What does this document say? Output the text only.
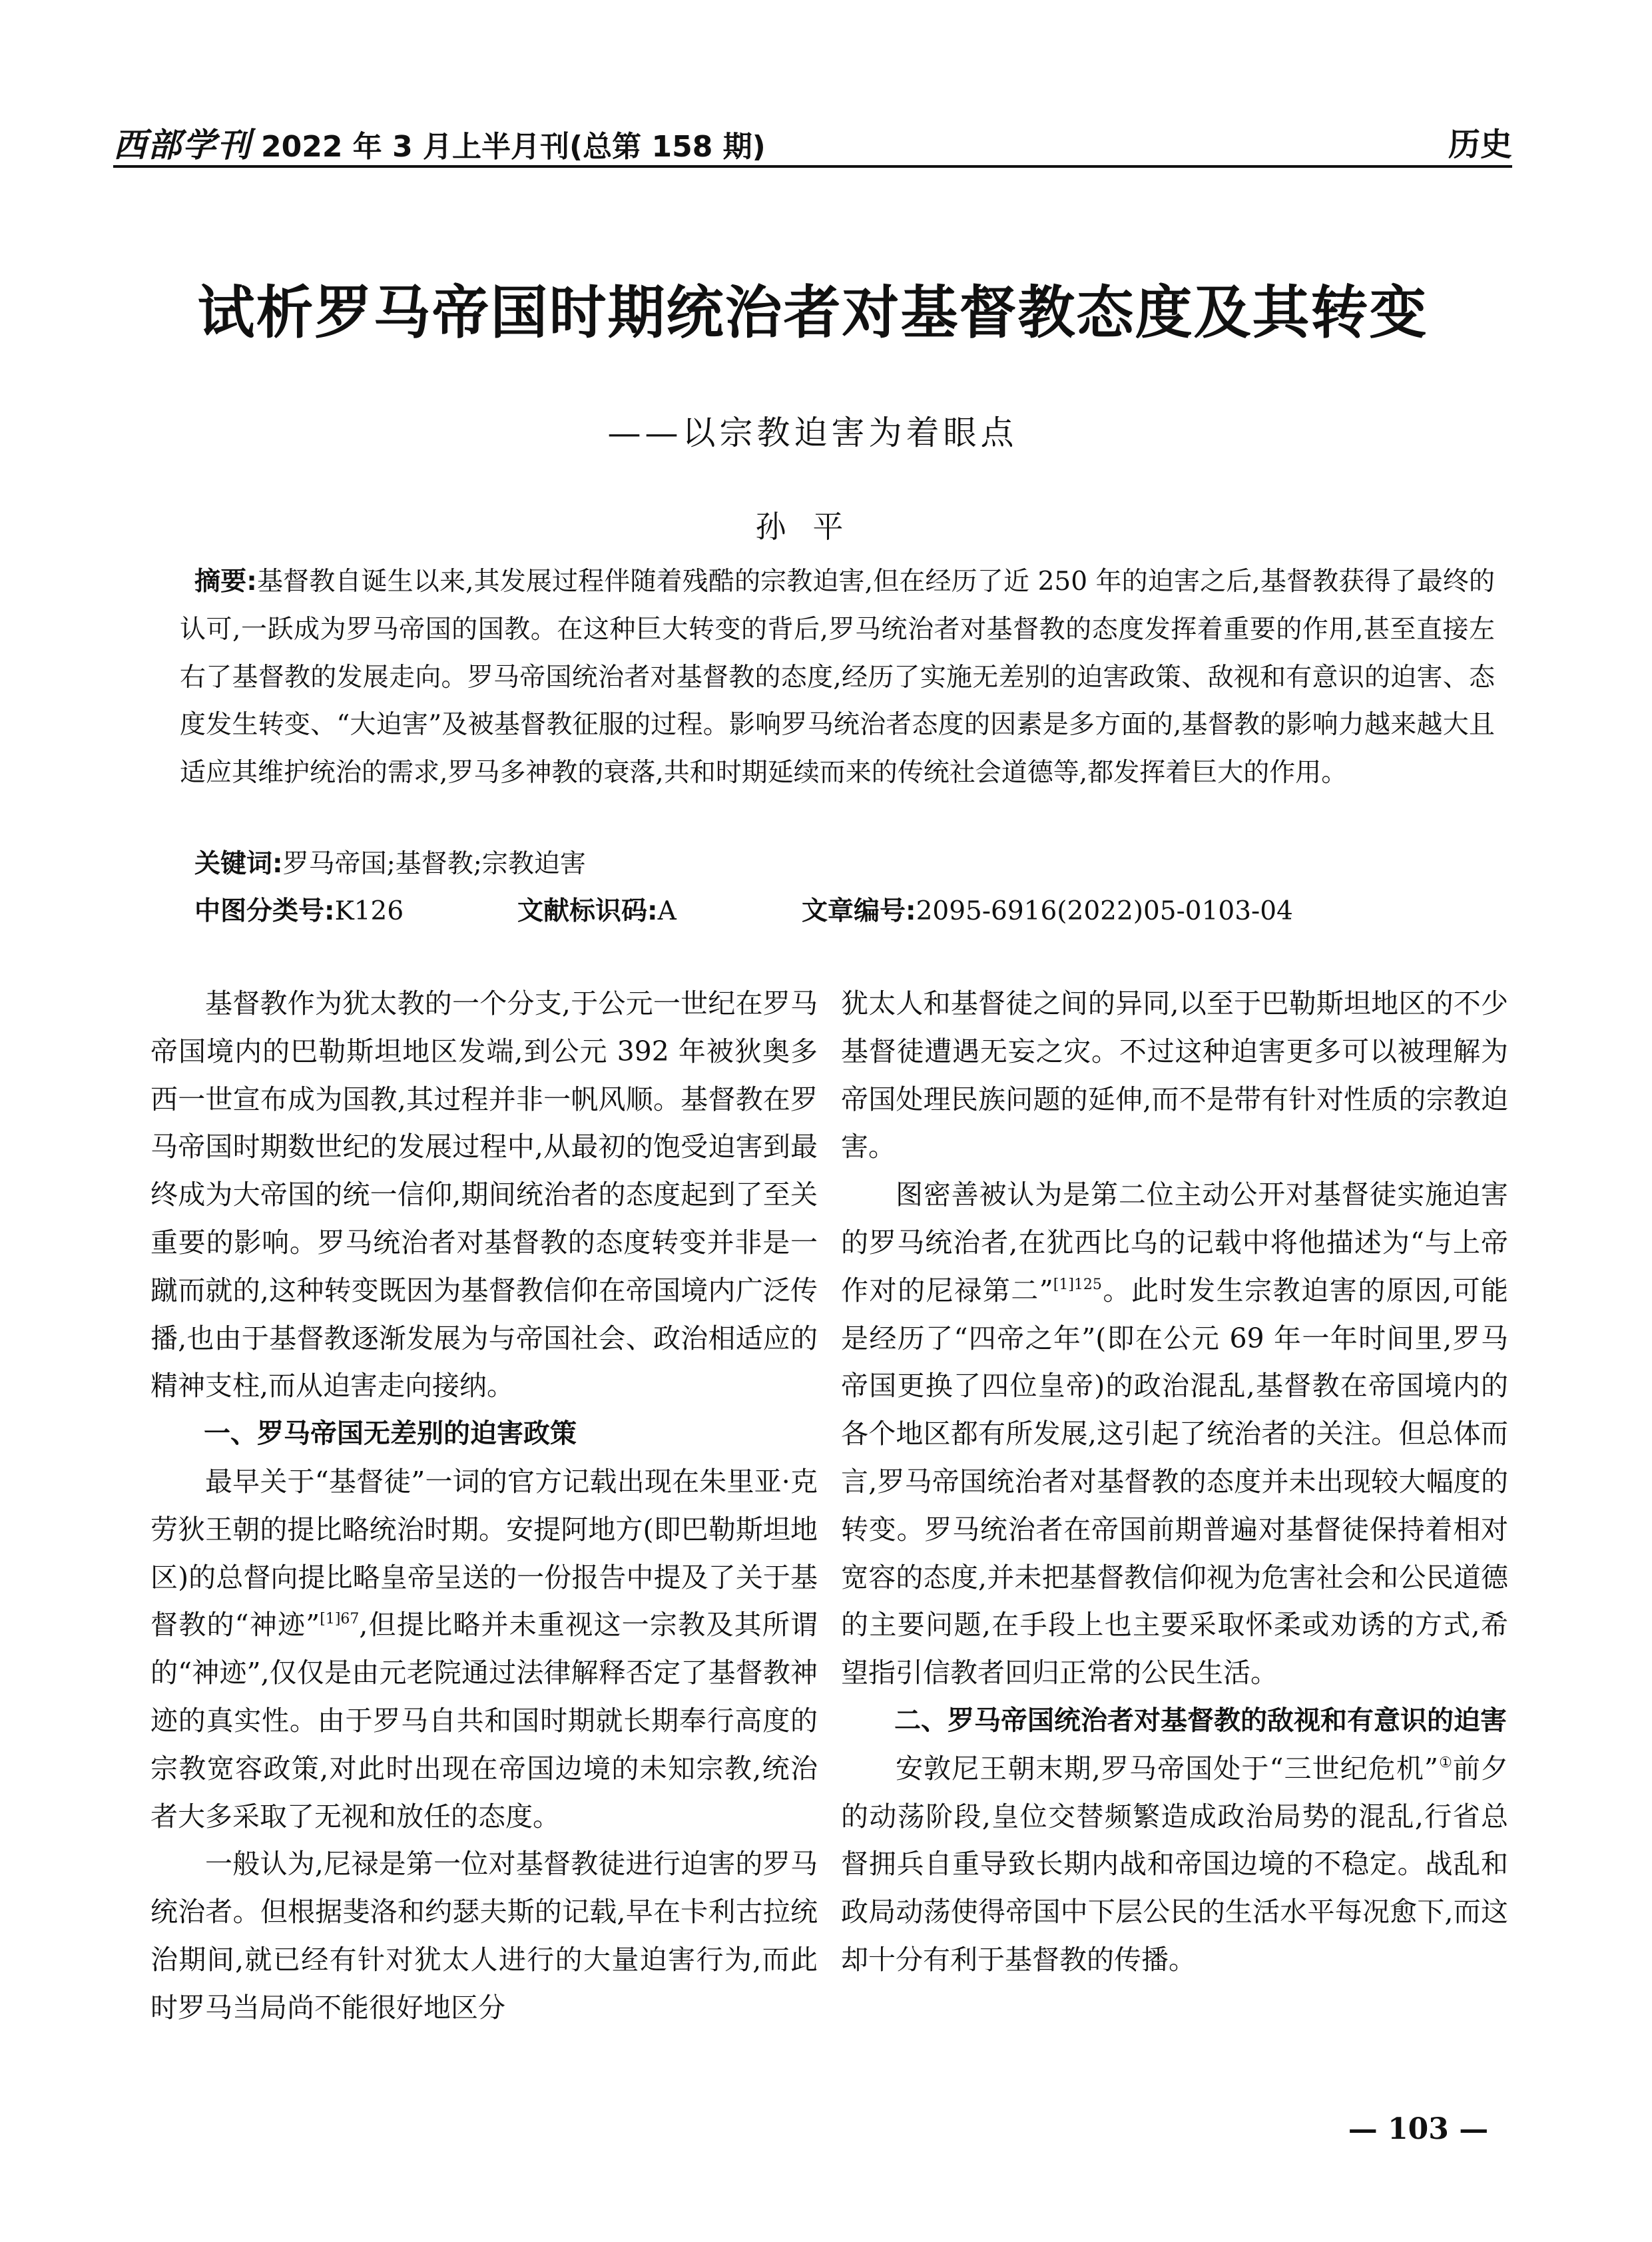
西部学刊 2022 年 3 月上半月刊(总第 158 期)	历史
试析罗马帝国时期统治者对基督教态度及其转变
——以宗教迫害为着眼点
孙平
摘要:基督教自诞生以来,其发展过程伴随着残酷的宗教迫害,但在经历了近 250 年的迫害之后,基督教获得了最终的认可,一跃成为罗马帝国的国教。在这种巨大转变的背后,罗马统治者对基督教的态度发挥着重要的作用,甚至直接左右了基督教的发展走向。罗马帝国统治者对基督教的态度,经历了实施无差别的迫害政策、敌视和有意识的迫害、态度发生转变、“大迫害”及被基督教征服的过程。影响罗马统治者态度的因素是多方面的,基督教的影响力越来越大且适应其维护统治的需求,罗马多神教的衰落,共和时期延续而来的传统社会道德等,都发挥着巨大的作用。
关键词:罗马帝国;基督教;宗教迫害
中图分类号:K126	文献标识码:A	文章编号:2095-6916(2022)05-0103-04

基督教作为犹太教的一个分支,于公元一世纪在罗马帝国境内的巴勒斯坦地区发端,到公元 392 年被狄奥多西一世宣布成为国教,其过程并非一帆风顺。基督教在罗马帝国时期数世纪的发展过程中,从最初的饱受迫害到最终成为大帝国的统一信仰,期间统治者的态度起到了至关重要的影响。罗马统治者对基督教的态度转变并非是一蹴而就的,这种转变既因为基督教信仰在帝国境内广泛传播,也由于基督教逐渐发展为与帝国社会、政治相适应的精神支柱,而从迫害走向接纳。

一、罗马帝国无差别的迫害政策

最早关于“基督徒”一词的官方记载出现在朱里亚·克劳狄王朝的提比略统治时期。安提阿地方(即巴勒斯坦地区)的总督向提比略皇帝呈送的一份报告中提及了关于基督教的“神迹”$^{[1]67}$,但提比略并未重视这一宗教及其所谓的“神迹”,仅仅是由元老院通过法律解释否定了基督教神迹的真实性。由于罗马自共和国时期就长期奉行高度的宗教宽容政策,对此时出现在帝国边境的未知宗教,统治者大多采取了无视和放任的态度。

一般认为,尼禄是第一位对基督教徒进行迫害的罗马统治者。但根据斐洛和约瑟夫斯的记载,早在卡利古拉统治期间,就已经有针对犹太人进行的大量迫害行为,而此时罗马当局尚不能很好地区分

犹太人和基督徒之间的异同,以至于巴勒斯坦地区的不少基督徒遭遇无妄之灾。不过这种迫害更多可以被理解为帝国处理民族问题的延伸,而不是带有针对性质的宗教迫害。

图密善被认为是第二位主动公开对基督徒实施迫害的罗马统治者,在犹西比乌的记载中将他描述为“与上帝作对的尼禄第二”$^{[1]125}$。此时发生宗教迫害的原因,可能是经历了“四帝之年”(即在公元 69 年一年时间里,罗马帝国更换了四位皇帝)的政治混乱,基督教在帝国境内的各个地区都有所发展,这引起了统治者的关注。但总体而言,罗马帝国统治者对基督教的态度并未出现较大幅度的转变。罗马统治者在帝国前期普遍对基督徒保持着相对宽容的态度,并未把基督教信仰视为危害社会和公民道德的主要问题,在手段上也主要采取怀柔或劝诱的方式,希望指引信教者回归正常的公民生活。

二、罗马帝国统治者对基督教的敌视和有意识的迫害

安敦尼王朝末期,罗马帝国处于“三世纪危机”①前夕的动荡阶段,皇位交替频繁造成政治局势的混乱,行省总督拥兵自重导致长期内战和帝国边境的不稳定。战乱和政局动荡使得帝国中下层公民的生活水平每况愈下,而这却十分有利于基督教的传播。

— 103 —
